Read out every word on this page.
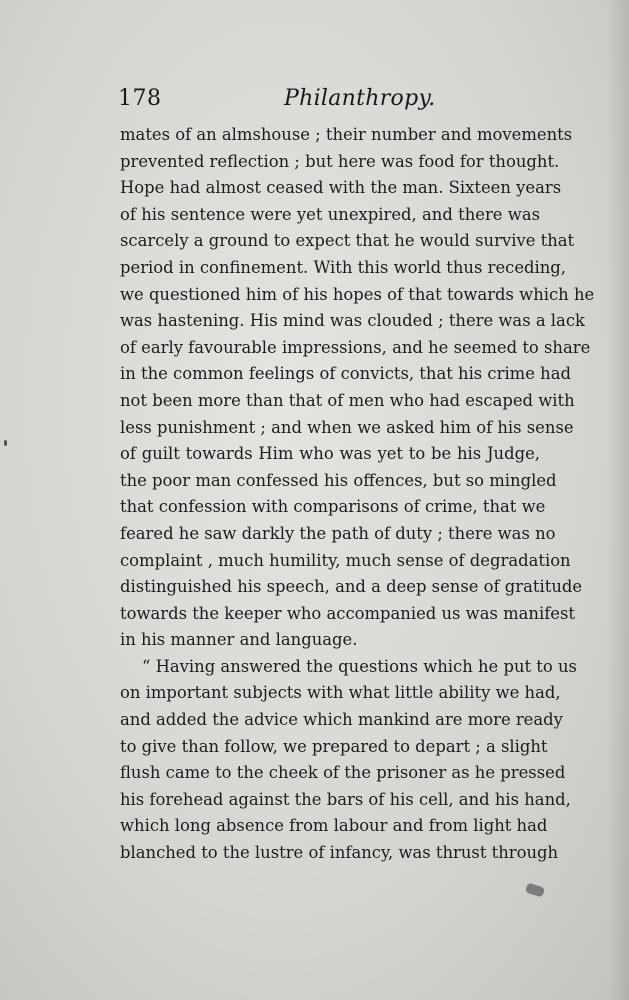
178	Philanthropy.
mates of an almshouse ; their number and movements
prevented reflection ; but here was food for thought.
Hope had almost ceased with the man. Sixteen years
of his sentence were yet unexpired, and there was
scarcely a ground to expect that he would survive that
period in confinement. With this world thus receding,
we questioned him of his hopes of that towards which he
was hastening. His mind was clouded ; there was a lack
of early favourable impressions, and he seemed to share
in the common feelings of convicts, that his crime had
not been more than that of men who had escaped with
less punishment ; and when we asked him of his sense
of guilt towards Him who was yet to be his Judge,
the poor man confessed his offences, but so mingled
that confession with comparisons of crime, that we
feared he saw darkly the path of duty ; there was no
complaint , much humility, much sense of degradation
distinguished his speech, and a deep sense of gratitude
towards the keeper who accompanied us was manifest
in his manner and language.
“ Having answered the questions which he put to us
on important subjects with what little ability we had,
and added the advice which mankind are more ready
to give than follow, we prepared to depart ; a slight
flush came to the cheek of the prisoner as he pressed
his forehead against the bars of his cell, and his hand,
which long absence from labour and from light had
blanched to the lustre of infancy, was thrust through
